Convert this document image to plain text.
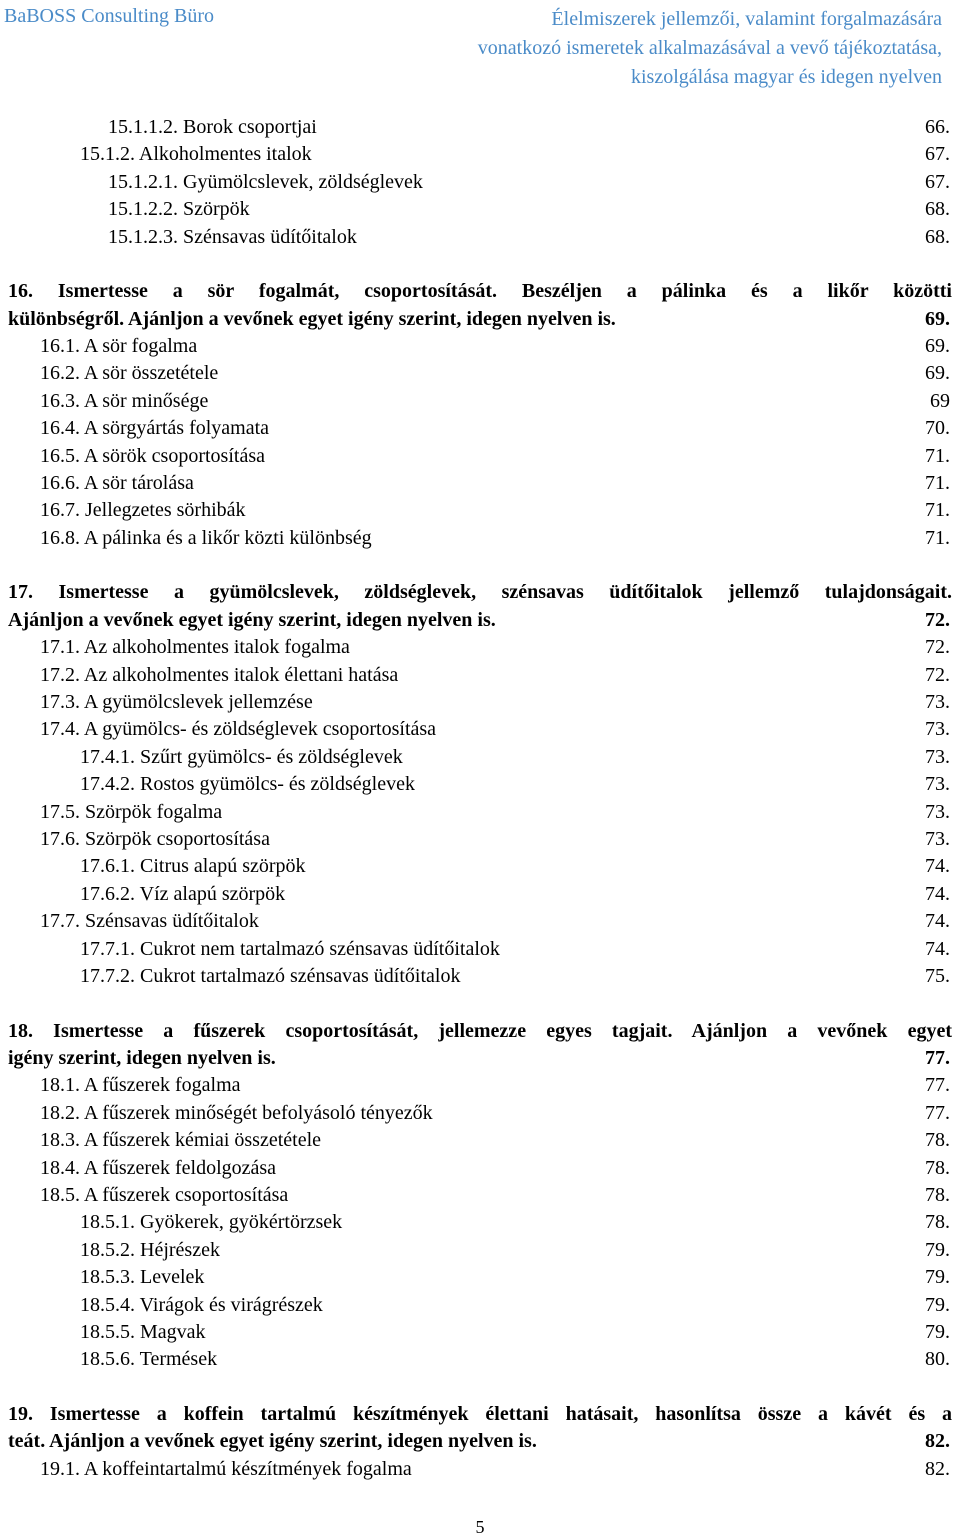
BaBOSS Consulting Büro	Élelmiszerek jellemzői, valamint forgalmazására
vonatkozó ismeretek alkalmazásával a vevő tájékoztatása,
kiszolgálása magyar és idegen nyelven
15.1.1.2. Borok csoportjai	66.
15.1.2. Alkoholmentes italok	67.
15.1.2.1. Gyümölcslevek, zöldséglevek	67.
15.1.2.2. Szörpök	68.
15.1.2.3. Szénsavas üdítőitalok	68.
16. Ismertesse a sör fogalmát, csoportosítását. Beszéljen a pálinka és a likőr közötti
különbségről. Ajánljon a vevőnek egyet igény szerint, idegen nyelven is.	69.
16.1. A sör fogalma	69.
16.2. A sör összetétele	69.
16.3. A sör minősége	69
16.4. A sörgyártás folyamata	70.
16.5. A sörök csoportosítása	71.
16.6. A sör tárolása	71.
16.7. Jellegzetes sörhibák	71.
16.8. A pálinka és a likőr közti különbség	71.
17. Ismertesse a gyümölcslevek, zöldséglevek, szénsavas üdítőitalok jellemző tulajdonságait.
Ajánljon a vevőnek egyet igény szerint, idegen nyelven is.	72.
17.1. Az alkoholmentes italok fogalma	72.
17.2. Az alkoholmentes italok élettani hatása	72.
17.3. A gyümölcslevek jellemzése	73.
17.4. A gyümölcs- és zöldséglevek csoportosítása	73.
17.4.1. Szűrt gyümölcs- és zöldséglevek	73.
17.4.2. Rostos gyümölcs- és zöldséglevek	73.
17.5. Szörpök fogalma	73.
17.6. Szörpök csoportosítása	73.
17.6.1. Citrus alapú szörpök	74.
17.6.2. Víz alapú szörpök	74.
17.7. Szénsavas üdítőitalok	74.
17.7.1. Cukrot nem tartalmazó szénsavas üdítőitalok	74.
17.7.2. Cukrot tartalmazó szénsavas üdítőitalok	75.
18. Ismertesse a fűszerek csoportosítását, jellemezze egyes tagjait. Ajánljon a vevőnek egyet
igény szerint, idegen nyelven is.	77.
18.1. A fűszerek fogalma	77.
18.2. A fűszerek minőségét befolyásoló tényezők	77.
18.3. A fűszerek kémiai összetétele	78.
18.4. A fűszerek feldolgozása	78.
18.5. A fűszerek csoportosítása	78.
18.5.1. Gyökerek, gyökértörzsek	78.
18.5.2. Héjrészek	79.
18.5.3. Levelek	79.
18.5.4. Virágok és virágrészek	79.
18.5.5. Magvak	79.
18.5.6. Termések	80.
19. Ismertesse a koffein tartalmú készítmények élettani hatásait, hasonlítsa össze a kávét és a
teát. Ajánljon a vevőnek egyet igény szerint, idegen nyelven is.	82.
19.1. A koffeintartalmú készítmények fogalma	82.
5
